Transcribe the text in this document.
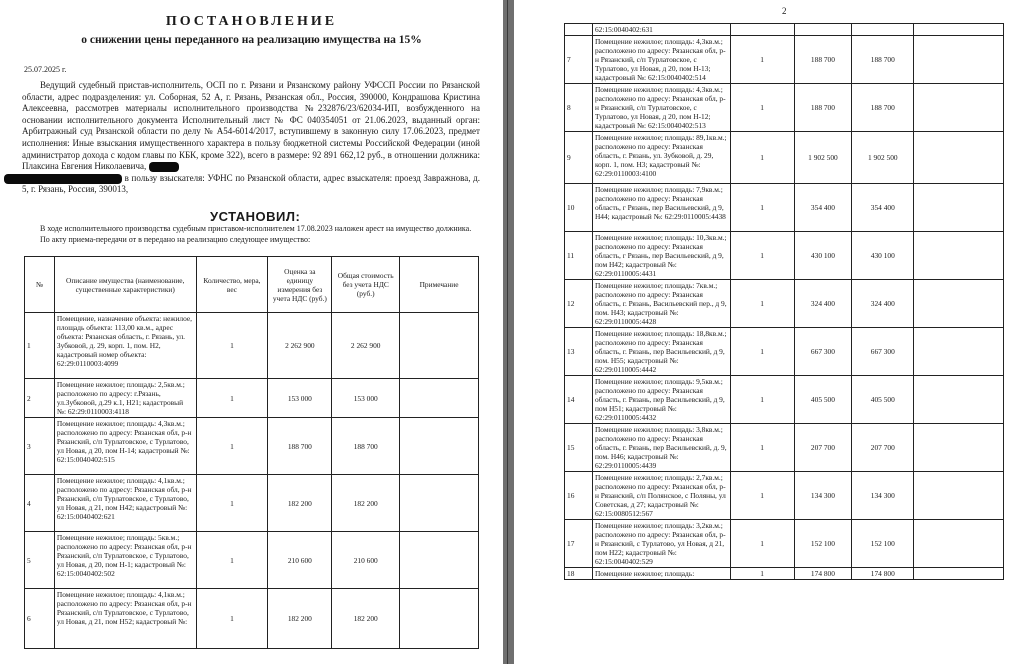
ПОСТАНОВЛЕНИЕ
о снижении цены переданного на реализацию имущества на 15%
25.07.2025 г.

Ведущий судебный пристав-исполнитель, ОСП по г. Рязани и Рязанскому району УФССП России по Рязанской области, адрес подразделения: ул. Соборная, 52 А, г. Рязань, Рязанская обл., Россия, 390000, Кондрашова Кристина Алексеевна, рассмотрев материалы исполнительного производства №232876/23/62034-ИП, возбужденного на основании исполнительного документа Исполнительный лист № ФС 040354051 от 21.06.2023, выданный орган: Арбитражный суд Рязанской области по делу № А54-6014/2017, вступившему в законную силу 17.06.2023, предмет исполнения: Иные взыскания имущественного характера в пользу бюджетной системы Российской Федерации (иной администратор дохода с кодом главы по КБК, кроме 322), всего в размере: 92 891 662,12 руб., в отношении должника: Плаксина Евгения Николаевича,
в пользу взыскателя: УФНС по Рязанской области, адрес взыскателя: проезд Завражнова, д. 5, г. Рязань, Россия, 390013,

УСТАНОВИЛ:

В ходе исполнительного производства судебным приставом-исполнителем 17.08.2023 наложен арест на имущество должника.

По акту приема-передачи от в передано на реализацию следующее имущество:

№	Описание имущества (наименование, существенные характеристики)	Количество, мера, вес	Оценка за единицу измерения без учета НДС (руб.)	Общая стоимость без учета НДС (руб.)	Примечание
1	Помещение, назначение объекта: нежилое, площадь объекта: 113,00 кв.м., адрес объекта: Рязанская область, г. Рязань, ул. Зубковой, д. 29, корп. 1, пом. Н2, кадастровый номер объекта: 62:29:0110003:4099	1	2 262 900	2 262 900	
2	Помещение нежилое; площадь: 2,5кв.м.; расположено по адресу: г.Рязань, ул.Зубковой, д.29 к.1, Н21; кадастровый №: 62:29:0110003:4118	1	153 000	153 000	
3	Помещение нежилое; площадь: 4,3кв.м.; расположено по адресу: Рязанская обл, р-н Рязанский, с/п Турлатовское, с Турлатово, ул Новая, д 20, пом Н-14; кадастровый №: 62:15:0040402:515	1	188 700	188 700	
4	Помещение нежилое; площадь: 4,1кв.м.; расположено по адресу: Рязанская обл, р-н Рязанский, с/п Турлатовское, с Турлатово, ул Новая, д 21, пом Н42; кадастровый №: 62:15:0040402:621	1	182 200	182 200	
5	Помещение нежилое; площадь: 5кв.м.; расположено по адресу: Рязанская обл, р-н Рязанский, с/п Турлатовское, с Турлатово, ул Новая, д 20, пом Н-1; кадастровый №: 62:15:0040402:502	1	210 600	210 600	
6	Помещение нежилое; площадь: 4,1кв.м.; расположено по адресу: Рязанская обл, р-н Рязанский, с/п Турлатовское, с Турлатово, ул Новая, д 21, пом Н52; кадастровый №:	1	182 200	182 200	
2
	62:15:0040402:631				
7	Помещение нежилое; площадь: 4,3кв.м.; расположено по адресу: Рязанская обл, р-н Рязанский, с/п Турлатовское, с Турлатово, ул Новая, д 20, пом Н-13; кадастровый №: 62:15:0040402:514	1	188 700	188 700	
8	Помещение нежилое; площадь: 4,3кв.м.; расположено по адресу: Рязанская обл, р-н Рязанский, с/п Турлатовское, с Турлатово, ул Новая, д 20, пом Н-12; кадастровый №: 62:15:0040402:513	1	188 700	188 700	
9	Помещение нежилое; площадь: 89,1кв.м.; расположено по адресу: Рязанская область, г. Рязань, ул. Зубковой, д. 29, корп. 1, пом. Н3; кадастровый №: 62:29:0110003:4100	1	1 902 500	1 902 500	
10	Помещение нежилое; площадь: 7,9кв.м.; расположено по адресу: Рязанская область, г Рязань, пер Васильевский, д 9, Н44; кадастровый №: 62:29:0110005:4438	1	354 400	354 400	
11	Помещение нежилое; площадь: 10,3кв.м.; расположено по адресу: Рязанская область, г Рязань, пер Васильевский, д 9, пом Н42; кадастровый №: 62:29:0110005:4431	1	430 100	430 100	
12	Помещение нежилое; площадь: 7кв.м.; расположено по адресу: Рязанская область, г. Рязань, Васильевский пер., д 9, пом. Н43; кадастровый №: 62:29:0110005:4428	1	324 400	324 400	
13	Помещение нежилое; площадь: 18,8кв.м.; расположено по адресу: Рязанская область, г. Рязань, пер Васильевский, д 9, пом. Н55; кадастровый №: 62:29:0110005:4442	1	667 300	667 300	
14	Помещение нежилое; площадь: 9,5кв.м.; расположено по адресу: Рязанская область, г. Рязань, пер Васильевский, д 9, пом Н51; кадастровый №: 62:29:0110005:4432	1	405 500	405 500	
15	Помещение нежилое; площадь: 3,8кв.м.; расположено по адресу: Рязанская область, г. Рязань, пер Васильевский, д. 9, пом. Н46; кадастровый №: 62:29:0110005:4439	1	207 700	207 700	
16	Помещение нежилое; площадь: 2,7кв.м.; расположено по адресу: Рязанская обл, р-н Рязанский, с/п Полянское, с Поляны, ул Советская, д 27; кадастровый №: 62:15:0080512:567	1	134 300	134 300	
17	Помещение нежилое; площадь: 3,2кв.м.; расположено по адресу: Рязанская обл, р-н Рязанский, с Турлатово, ул Новая, д 21, пом Н22; кадастровый №: 62:15:0040402:529	1	152 100	152 100	
18	Помещение нежилое; площадь:	1	174 800	174 800	
